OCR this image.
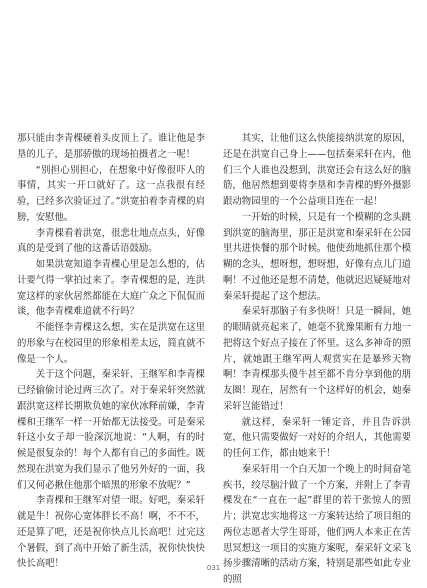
那只能由李青棵硬着头皮顶上了。谁让他是李垦的儿子，是那骄傲的现场拍摄者之一呢！

“别担心别担心，在想象中好像很吓人的事情，其实一开口就好了。这一点我很有经验，已经多次验证过了。”洪宽拍着李青棵的肩膀，安慰他。

李青棵看着洪宽，很悲壮地点点头，好像真的是受到了他的这番话语鼓励。

如果洪宽知道李青棵心里是怎么想的，估计要气得一掌拍过来了。李青棵想的是，连洪宽这样的家伙居然都能在大庭广众之下侃侃而谈，他李青棵难道就不行吗？

不能怪李青棵这么想，实在是洪宽在这里的形象与在校园里的形象相差太远，简直就不像是一个人。

关于这个问题，秦采轩、王继军和李青棵已经偷偷讨论过两三次了。对于秦采轩突然就跟洪宽这样长期欺负她的家伙冰释前嫌，李青棵和王继军一样一开始都无法接受。可是秦采轩这小女子却一脸深沉地说：“人啊，有的时候是很复杂的！每个人都有自己的多面性。既然现在洪宽为我们显示了他另外好的一面，我们又何必揪住他那个暗黑的形象不放呢？”

李青棵和王继军对望一眼。好吧，秦采轩就是牛！祝你心宽体胖长不高！啊，不不不，还是算了吧，还是祝你快点儿长高吧！过完这个暑假，到了高中开始了新生活，祝你快快快快长高吧！

其实，让他们这么快能接纳洪宽的原因，还是在洪宽自己身上——包括秦采轩在内，他们三个人谁也没想到，洪宽还会有这么好的脑筋，他居然想到要将李垦和李青棵的野外摄影跟动物园里的一个公益项目连在一起！

一开始的时候，只是有一个模糊的念头跳到洪宽的脑海里，那正是洪宽和秦采轩在公园里共进快餐的那个时候。他使劲地抓住那个模糊的念头，想呀想，想呀想，好像有点儿门道啊！不过他还是想不清楚，他就迟迟疑疑地对秦采轩提起了这个想法。

秦采轩那脑子有多快呀！只是一瞬间，她的眼睛就亮起来了，她毫不犹豫果断有力地一把将这个好点子接在了怀里。这么多神奇的照片，就她跟王继军两人观赏实在是暴殄天物啊！李青棵那头傻牛甚至都不肯分享到他的朋友圈！现在，居然有一个这样好的机会，她秦采轩岂能错过！

就这样，秦采轩一锤定音，并且告诉洪宽，他只需要做好一对好的介绍人，其他需要的任何工作，都由她来干！

秦采轩用一个白天加一个晚上的时间奋笔疾书，绞尽脑汁做了一个方案，并附上了李青棵发在“一直在一起”群里的若干张惊人的照片；洪宽忠实地将这一方案转达给了项目组的两位志愿者大学生哥哥，他们两人本来正在苦思冥想这一项目的实施方案呢，秦采轩文采飞扬步骤清晰的活动方案，特别是那些如此专业的照

031
